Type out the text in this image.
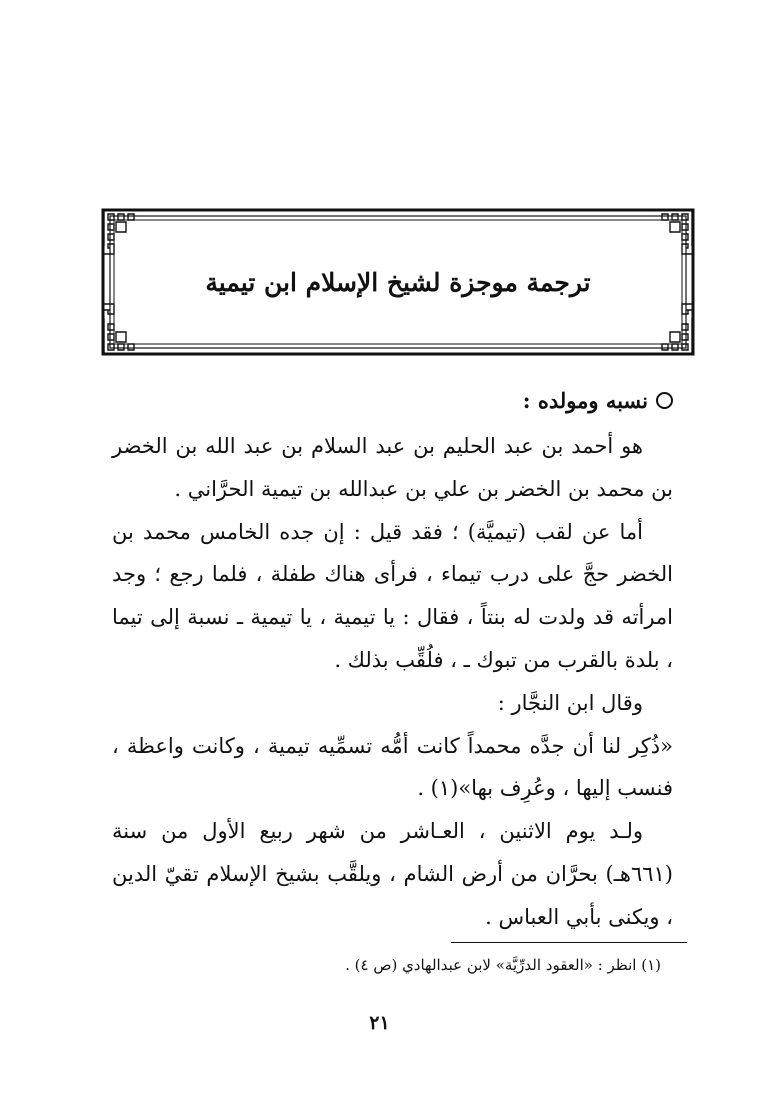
ترجمة موجزة لشيخ الإسلام ابن تيمية
نسبه ومولده :

هو أحمد بن عبد الحليم بن عبد السلام بن عبد الله بن الخضر بن محمد بن الخضر بن علي بن عبدالله بن تيمية الحرَّاني .

أما عن لقب (تيميَّة) ؛ فقد قيل : إن جده الخامس محمد بن الخضر حجَّ على درب تيماء ، فرأى هناك طفلة ، فلما رجع ؛ وجد امرأته قد ولدت له بنتاً ، فقال : يا تيمية ، يا تيمية ـ نسبة إلى تيما ، بلدة بالقرب من تبوك ـ ، فلُقِّب بذلك .

وقال ابن النجَّار :

«ذُكِر لنا أن جدَّه محمداً كانت أمُّه تسمِّيه تيمية ، وكانت واعظة ، فنسب إليها ، وعُرِف بها»(١) .

ولـد يوم الاثنين ، العـاشر من شهر ربيع الأول من سنة (٦٦١هـ) بحرَّان من أرض الشام ، ويلقَّب بشيخ الإسلام تقيّ الدين ، ويكنى بأبي العباس .

(١) انظر : «العقود الدرِّيَّة» لابن عبدالهادي (ص ٤) .
٢١
